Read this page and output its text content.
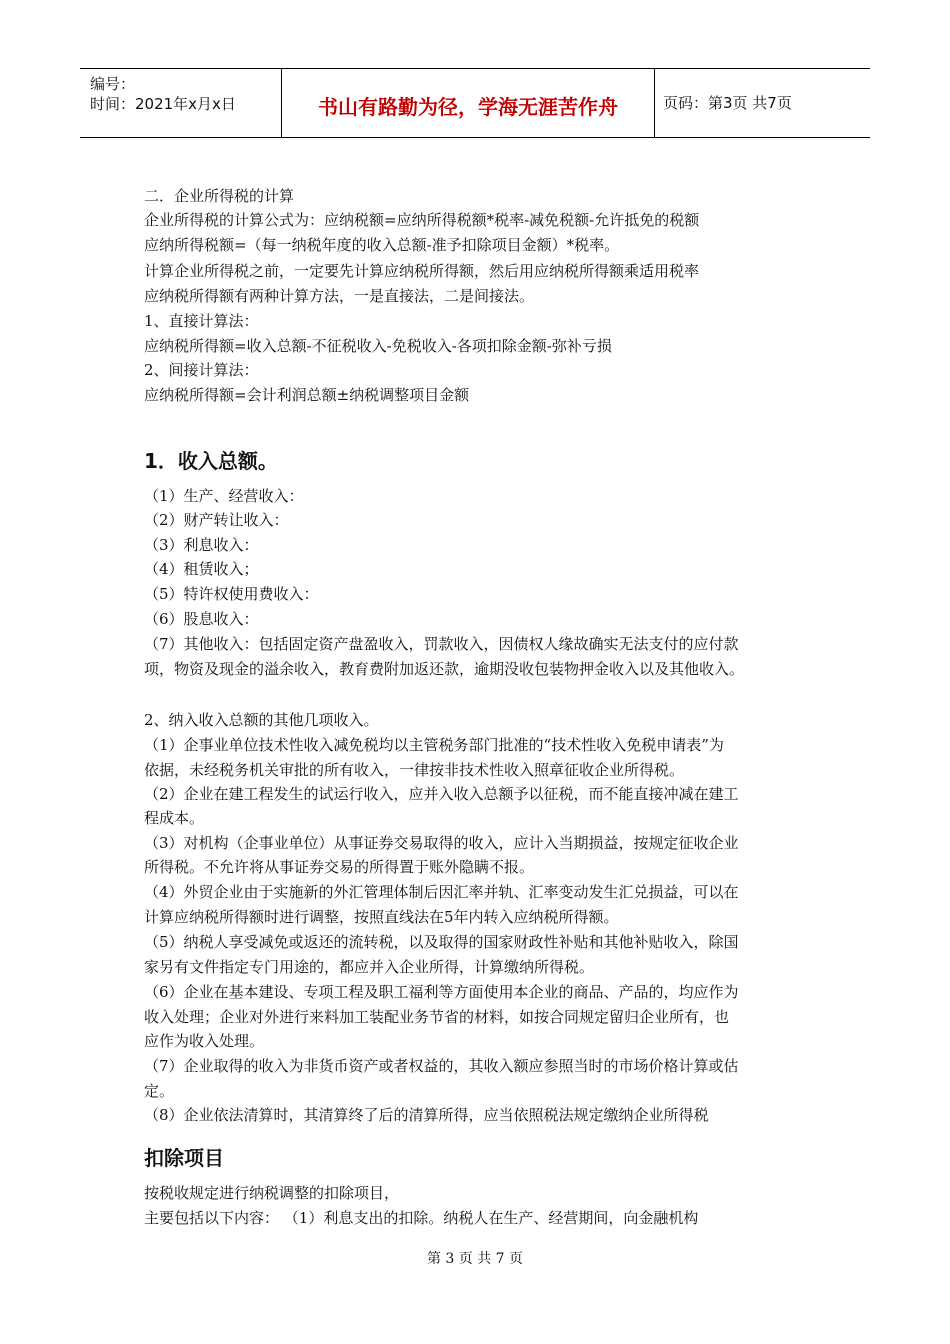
编号：
时间：2021年x月x日	书山有路勤为径，学海无涯苦作舟	页码：第3页 共7页
二．企业所得税的计算
企业所得税的计算公式为：应纳税额=应纳所得税额*税率-减免税额-允许抵免的税额
应纳所得税额=（每一纳税年度的收入总额-准予扣除项目金额）*税率。
计算企业所得税之前，一定要先计算应纳税所得额，然后用应纳税所得额乘适用税率
应纳税所得额有两种计算方法，一是直接法，二是间接法。
1、直接计算法：
应纳税所得额=收入总额-不征税收入-免税收入-各项扣除金额-弥补亏损
2、间接计算法：
应纳税所得额=会计利润总额±纳税调整项目金额
1．收入总额。
（1）生产、经营收入：
（2）财产转让收入：
（3）利息收入：
（4）租赁收入；
（5）特许权使用费收入：
（6）股息收入：
（7）其他收入：包括固定资产盘盈收入，罚款收入，因债权人缘故确实无法支付的应付款
项，物资及现金的溢余收入，教育费附加返还款，逾期没收包装物押金收入以及其他收入。
2、纳入收入总额的其他几项收入。
（1）企事业单位技术性收入减免税均以主管税务部门批准的“技术性收入免税申请表”为
依据，未经税务机关审批的所有收入，一律按非技术性收入照章征收企业所得税。
（2）企业在建工程发生的试运行收入，应并入收入总额予以征税，而不能直接冲减在建工
程成本。
（3）对机构（企事业单位）从事证券交易取得的收入，应计入当期损益，按规定征收企业
所得税。不允许将从事证券交易的所得置于账外隐瞒不报。
（4）外贸企业由于实施新的外汇管理体制后因汇率并轨、汇率变动发生汇兑损益，可以在
计算应纳税所得额时进行调整，按照直线法在5年内转入应纳税所得额。
（5）纳税人享受减免或返还的流转税，以及取得的国家财政性补贴和其他补贴收入，除国
家另有文件指定专门用途的，都应并入企业所得，计算缴纳所得税。
（6）企业在基本建设、专项工程及职工福利等方面使用本企业的商品、产品的，均应作为
收入处理；企业对外进行来料加工装配业务节省的材料，如按合同规定留归企业所有，也
应作为收入处理。
（7）企业取得的收入为非货币资产或者权益的，其收入额应参照当时的市场价格计算或估
定。
（8）企业依法清算时，其清算终了后的清算所得，应当依照税法规定缴纳企业所得税
扣除项目
按税收规定进行纳税调整的扣除项目，
主要包括以下内容： （1）利息支出的扣除。纳税人在生产、经营期间，向金融机构
第 3 页 共 7 页
